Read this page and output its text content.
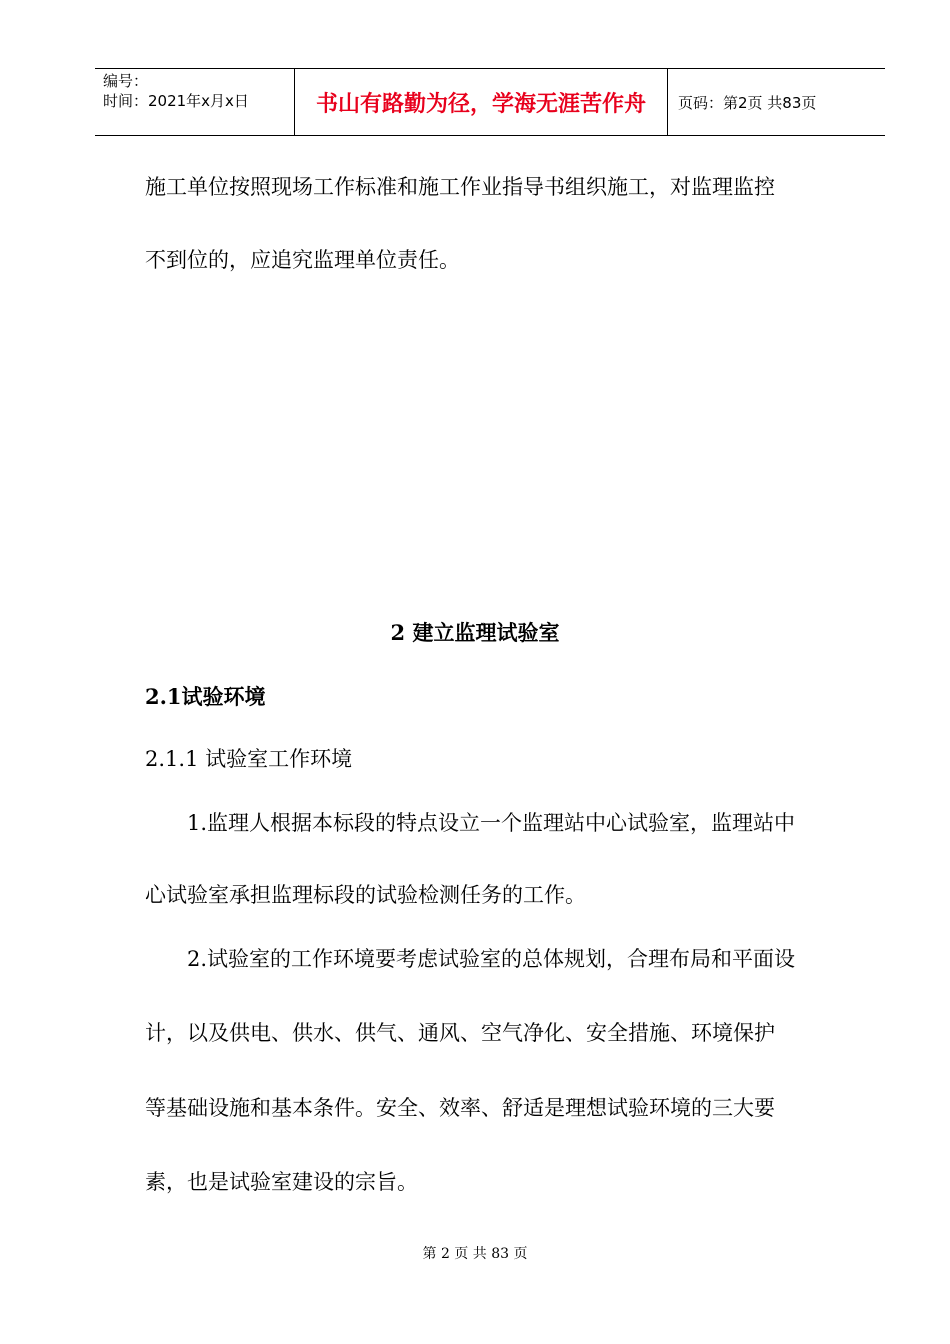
编号：
时间：2021年x月x日	书山有路勤为径，学海无涯苦作舟	页码：第2页 共83页
施工单位按照现场工作标准和施工作业指导书组织施工，对监理监控
不到位的，应追究监理单位责任。
2 建立监理试验室
2.1试验环境
2.1.1 试验室工作环境
1.监理人根据本标段的特点设立一个监理站中心试验室，监理站中
心试验室承担监理标段的试验检测任务的工作。
2.试验室的工作环境要考虑试验室的总体规划，合理布局和平面设
计，以及供电、供水、供气、通风、空气净化、安全措施、环境保护
等基础设施和基本条件。安全、效率、舒适是理想试验环境的三大要
素，也是试验室建设的宗旨。
第 2 页 共 83 页
